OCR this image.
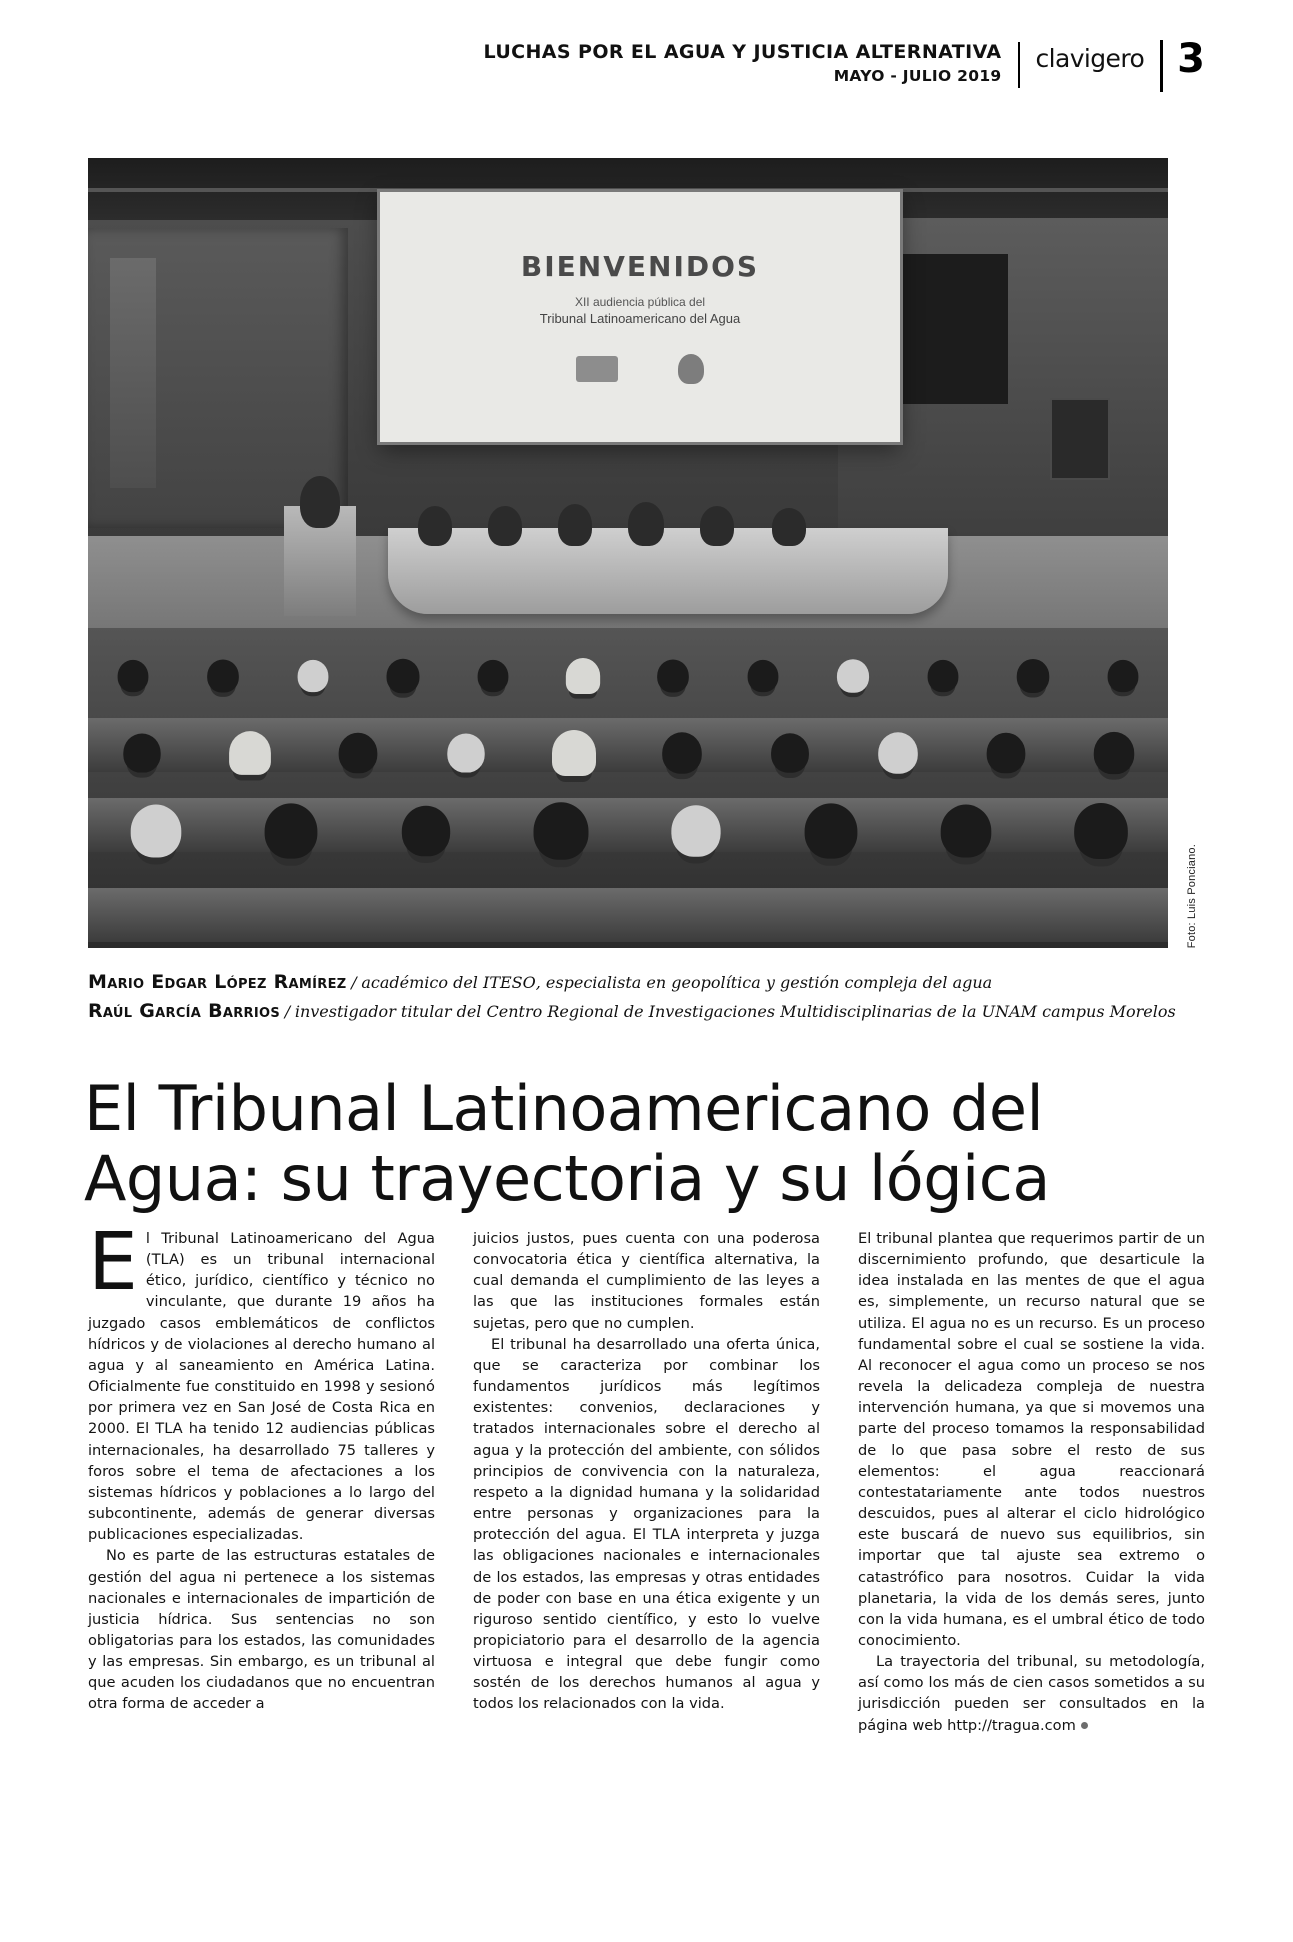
LUCHAS POR EL AGUA Y JUSTICIA ALTERNATIVA
MAYO - JULIO 2019
clavigero 3
BIENVENIDOS
XII audiencia pública del
Tribunal Latinoamericano del Agua
Foto: Luis Ponciano.
Mario Edgar López Ramírez / académico del ITESO, especialista en geopolítica y gestión compleja del agua
Raúl García Barrios / investigador titular del Centro Regional de Investigaciones Multidisciplinarias de la UNAM campus Morelos
El Tribunal Latinoamericano del Agua: su trayectoria y su lógica

El Tribunal Latinoamericano del Agua (TLA) es un tribunal internacional ético, jurídico, científico y técnico no vinculante, que durante 19 años ha juzgado casos emblemáticos de conflictos hídricos y de violaciones al derecho humano al agua y al saneamiento en América Latina. Oficialmente fue constituido en 1998 y sesionó por primera vez en San José de Costa Rica en 2000. El TLA ha tenido 12 audiencias públicas internacionales, ha desarrollado 75 talleres y foros sobre el tema de afectaciones a los sistemas hídricos y poblaciones a lo largo del subcontinente, además de generar diversas publicaciones especializadas.

No es parte de las estructuras estatales de gestión del agua ni pertenece a los sistemas nacionales e internacionales de impartición de justicia hídrica. Sus sentencias no son obligatorias para los estados, las comunidades y las empresas. Sin embargo, es un tribunal al que acuden los ciudadanos que no encuentran otra forma de acceder a

juicios justos, pues cuenta con una poderosa convocatoria ética y científica alternativa, la cual demanda el cumplimiento de las leyes a las que las instituciones formales están sujetas, pero que no cumplen.

El tribunal ha desarrollado una oferta única, que se caracteriza por combinar los fundamentos jurídicos más legítimos existentes: convenios, declaraciones y tratados internacionales sobre el derecho al agua y la protección del ambiente, con sólidos principios de convivencia con la naturaleza, respeto a la dignidad humana y la solidaridad entre personas y organizaciones para la protección del agua. El TLA interpreta y juzga las obligaciones nacionales e internacionales de los estados, las empresas y otras entidades de poder con base en una ética exigente y un riguroso sentido científico, y esto lo vuelve propiciatorio para el desarrollo de la agencia virtuosa e integral que debe fungir como sostén de los derechos humanos al agua y todos los relacionados con la vida.

El tribunal plantea que requerimos partir de un discernimiento profundo, que desarticule la idea instalada en las mentes de que el agua es, simplemente, un recurso natural que se utiliza. El agua no es un recurso. Es un proceso fundamental sobre el cual se sostiene la vida. Al reconocer el agua como un proceso se nos revela la delicadeza compleja de nuestra intervención humana, ya que si movemos una parte del proceso tomamos la responsabilidad de lo que pasa sobre el resto de sus elementos: el agua reaccionará contestatariamente ante todos nuestros descuidos, pues al alterar el ciclo hidrológico este buscará de nuevo sus equilibrios, sin importar que tal ajuste sea extremo o catastrófico para nosotros. Cuidar la vida planetaria, la vida de los demás seres, junto con la vida humana, es el umbral ético de todo conocimiento.

La trayectoria del tribunal, su metodología, así como los más de cien casos sometidos a su jurisdicción pueden ser consultados en la página web http://tragua.com
